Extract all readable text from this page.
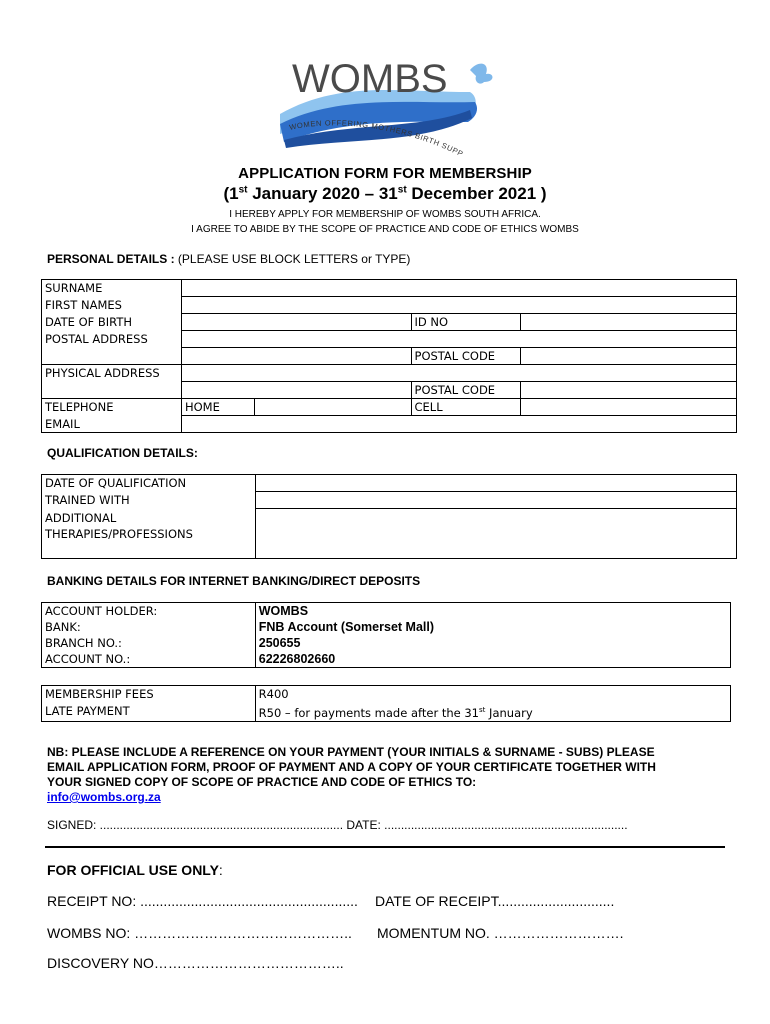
WOMBS
WOMEN OFFERING MOTHERS BIRTH SUPP
APPLICATION FORM FOR MEMBERSHIP
(1st January 2020 – 31st December 2021 )
I HEREBY APPLY FOR MEMBERSHIP OF WOMBS SOUTH AFRICA.
I AGREE TO ABIDE BY THE SCOPE OF PRACTICE AND CODE OF ETHICS WOMBS
PERSONAL DETAILS : (PLEASE USE BLOCK LETTERS or TYPE)
SURNAME				
FIRST NAMES				
DATE OF BIRTH			ID NO	
POSTAL ADDRESS				
			POSTAL CODE	
PHYSICAL ADDRESS				
			POSTAL CODE	
TELEPHONE	HOME		CELL	
EMAIL				
QUALIFICATION DETAILS:
DATE OF QUALIFICATION	
TRAINED WITH	

ADDITIONAL
THERAPIES/PROFESSIONS	

BANKING DETAILS FOR INTERNET BANKING/DIRECT DEPOSITS
ACCOUNT HOLDER:	WOMBS
BANK:	FNB Account (Somerset Mall)
BRANCH NO.:	250655
ACCOUNT NO.:	62226802660
MEMBERSHIP FEES	R400
LATE PAYMENT	R50 – for payments made after the 31st January
NB: PLEASE INCLUDE A REFERENCE ON YOUR PAYMENT (YOUR INITIALS & SURNAME - SUBS) PLEASE EMAIL APPLICATION FORM, PROOF OF PAYMENT AND A COPY OF YOUR CERTIFICATE TOGETHER WITH YOUR SIGNED COPY OF SCOPE OF PRACTICE AND CODE OF ETHICS TO:
info@wombs.org.za
SIGNED: ......................................................................... DATE: .........................................................................
FOR OFFICIAL USE ONLY:
RECEIPT NO: ........................................................ DATE OF RECEIPT..............................
WOMBS NO: ……………………………………….. MOMENTUM NO. ……………………….
DISCOVERY NO…………………………………..
